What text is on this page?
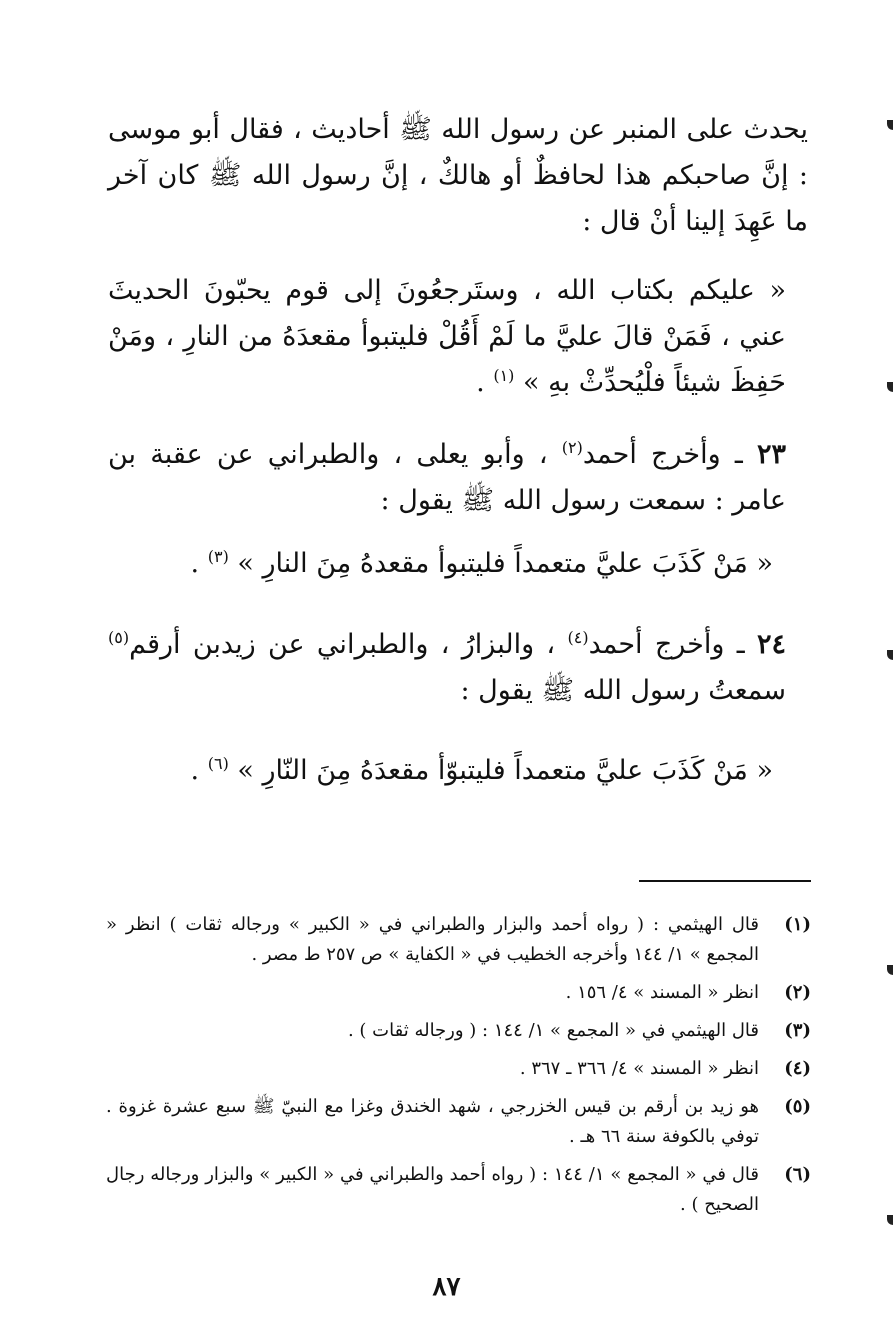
يحدث على المنبر عن رسول الله ﷺ أحاديث ، فقال أبو موسى : إنَّ صاحبكم هذا لحافظٌ أو هالكٌ ، إنَّ رسول الله ﷺ كان آخر ما عَهِدَ إلينا أنْ قال :
« عليكم بكتاب الله ، وستَرجعُونَ إلى قوم يحبّونَ الحديثَ عني ، فَمَنْ قالَ عليَّ ما لَمْ أَقُلْ فليتبوأ مقعدَهُ من النارِ ، ومَنْ حَفِظَ شيئاً فلْيُحدِّثْ بهِ » $^{(١)}$ .
٢٣ ـ وأخرج أحمد$^{(٢)}$ ، وأبو يعلى ، والطبراني عن عقبة بن عامر : سمعت رسول الله ﷺ يقول :
« مَنْ كَذَبَ عليَّ متعمداً فليتبوأ مقعدهُ مِنَ النارِ » $^{(٣)}$ .
٢٤ ـ وأخرج أحمد$^{(٤)}$ ، والبزارُ ، والطبراني عن زيدبن أرقم$^{(٥)}$ سمعتُ رسول الله ﷺ يقول :
« مَنْ كَذَبَ عليَّ متعمداً فليتبوّأ مقعدَهُ مِنَ النّارِ » $^{(٦)}$ .
(١)
قال الهيثمي : ( رواه أحمد والبزار والطبراني في « الكبير » ورجاله ثقات ) انظر « المجمع » ١/ ١٤٤ وأخرجه الخطيب في « الكفاية » ص ٢٥٧ ط مصر .
(٢)
انظر « المسند » ٤/ ١٥٦ .
(٣)
قال الهيثمي في « المجمع » ١/ ١٤٤ : ( ورجاله ثقات ) .
(٤)
انظر « المسند » ٤/ ٣٦٦ ـ ٣٦٧ .
(٥)
هو زيد بن أرقم بن قيس الخزرجي ، شهد الخندق وغزا مع النبيّ ﷺ سبع عشرة غزوة . توفي بالكوفة سنة ٦٦ هـ .
(٦)
قال في « المجمع » ١/ ١٤٤ : ( رواه أحمد والطبراني في « الكبير » والبزار ورجاله رجال الصحيح ) .
٨٧
